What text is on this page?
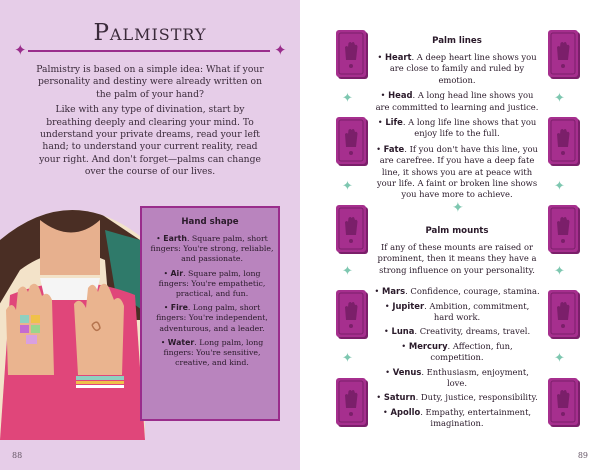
Palmistry
✦	✦

Palmistry is based on a simple idea: What if your personality and destiny were already written on the palm of your hand?

Like with any type of divination, start by breathing deeply and clearing your mind. To understand your private dreams, read your left hand; to understand your current reality, read your right. And don't forget—palms can change over the course of our lives.

Hand shape
• Earth. Square palm, short fingers: You're strong, reliable, and passionate.
• Air. Square palm, long fingers: You're empathetic, practical, and fun.
• Fire. Long palm, short fingers: You're independent, adventurous, and a leader.
• Water. Long palm, long fingers: You're sensitive, creative, and kind.
88
✦	✦
✦	✦
✦	✦
✦	✦
✦
Palm lines
• Heart. A deep heart line shows you are close to family and ruled by emotion.
• Head. A long head line shows you are committed to learning and justice.
• Life. A long life line shows that you enjoy life to the full.
• Fate. If you don't have this line, you are carefree. If you have a deep fate line, it shows you are at peace with your life. A faint or broken line shows you have more to achieve.
Palm mounts
If any of these mounts are raised or prominent, then it means they have a strong influence on your personality.
• Mars. Confidence, courage, stamina.
• Jupiter. Ambition, commitment, hard work.
• Luna. Creativity, dreams, travel.
• Mercury. Affection, fun, competition.
• Venus. Enthusiasm, enjoyment, love.
• Saturn. Duty, justice, responsibility.
• Apollo. Empathy, entertainment, imagination.
89
